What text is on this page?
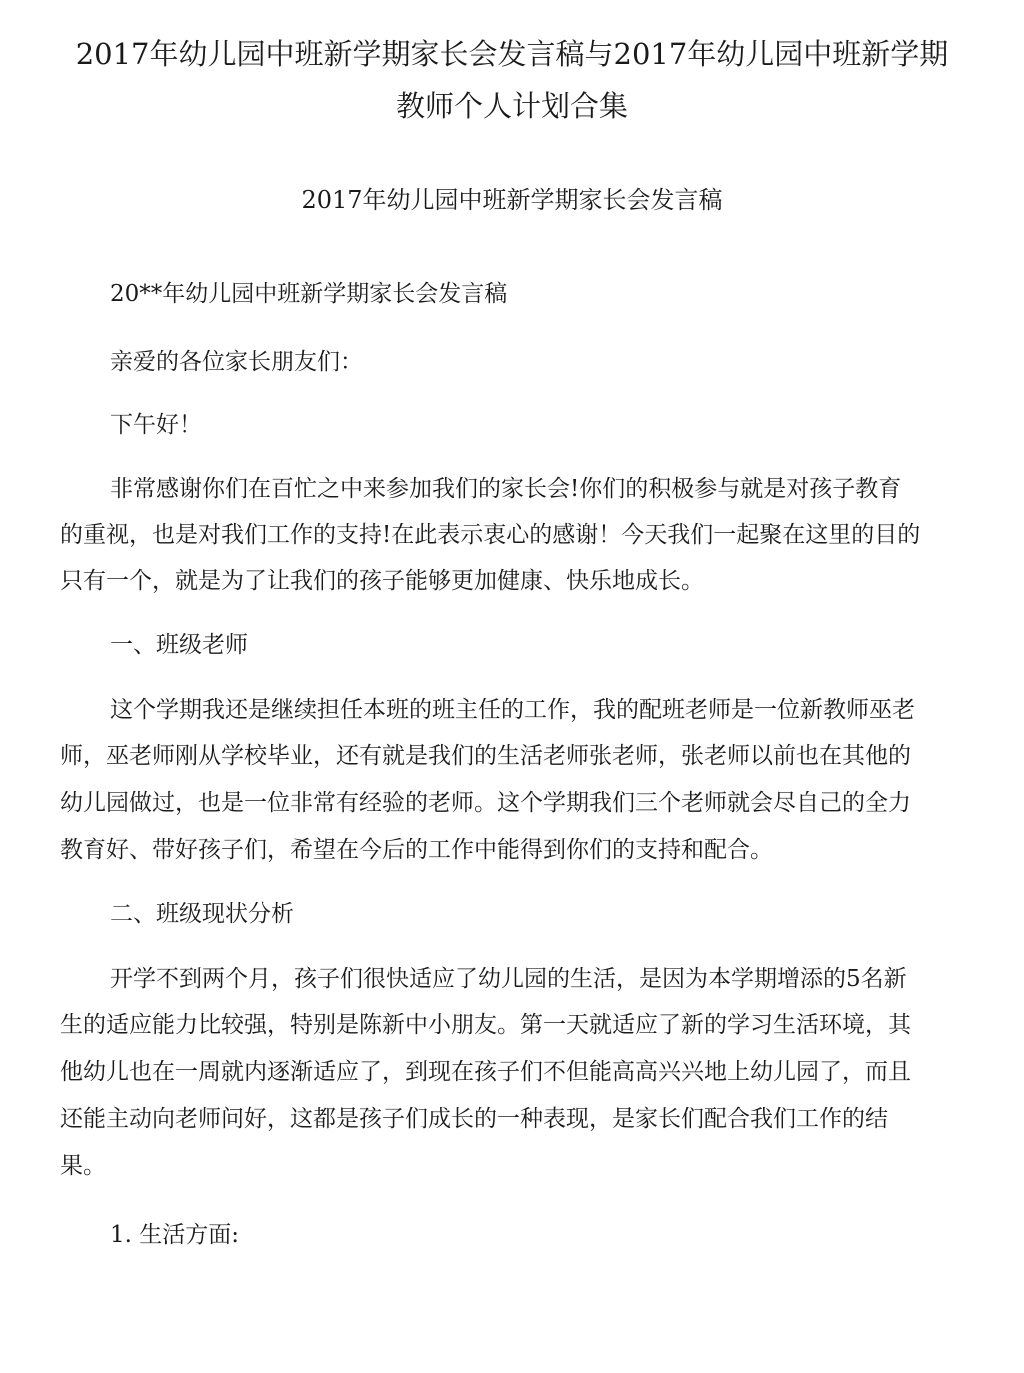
2017年幼儿园中班新学期家长会发言稿与2017年幼儿园中班新学期
教师个人计划合集
2017年幼儿园中班新学期家长会发言稿

20**年幼儿园中班新学期家长会发言稿

亲爱的各位家长朋友们：

下午好！

非常感谢你们在百忙之中来参加我们的家长会!你们的积极参与就是对孩子教育

的重视，也是对我们工作的支持!在此表示衷心的感谢！今天我们一起聚在这里的目的

只有一个，就是为了让我们的孩子能够更加健康、快乐地成长。

一、班级老师

这个学期我还是继续担任本班的班主任的工作，我的配班老师是一位新教师巫老

师，巫老师刚从学校毕业，还有就是我们的生活老师张老师，张老师以前也在其他的

幼儿园做过，也是一位非常有经验的老师。这个学期我们三个老师就会尽自己的全力

教育好、带好孩子们，希望在今后的工作中能得到你们的支持和配合。

二、班级现状分析

开学不到两个月，孩子们很快适应了幼儿园的生活，是因为本学期增添的5名新

生的适应能力比较强，特别是陈新中小朋友。第一天就适应了新的学习生活环境，其

他幼儿也在一周就内逐渐适应了，到现在孩子们不但能高高兴兴地上幼儿园了，而且

还能主动向老师问好，这都是孩子们成长的一种表现，是家长们配合我们工作的结

果。

1. 生活方面:
